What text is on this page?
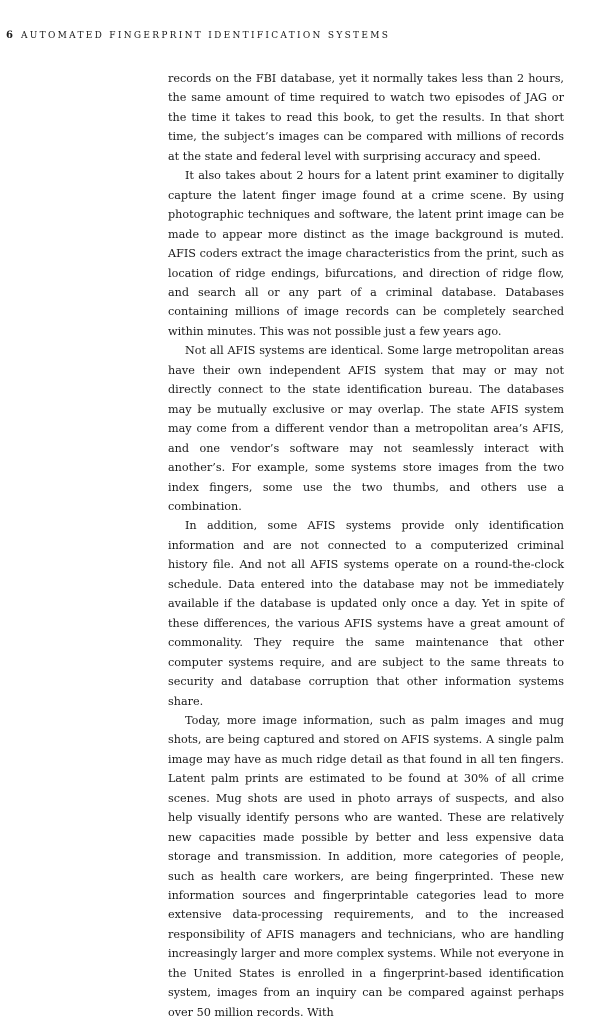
6 AUTOMATED FINGERPRINT IDENTIFICATION SYSTEMS

records on the FBI database, yet it normally takes less than 2 hours, the same amount of time required to watch two episodes of JAG or the time it takes to read this book, to get the results. In that short time, the subject’s images can be compared with millions of records at the state and federal level with surprising accuracy and speed.

It also takes about 2 hours for a latent print examiner to digitally capture the latent finger image found at a crime scene. By using photographic techniques and software, the latent print image can be made to appear more distinct as the image background is muted. AFIS coders extract the image characteristics from the print, such as location of ridge endings, bifurcations, and direction of ridge flow, and search all or any part of a criminal database. Databases containing millions of image records can be completely searched within minutes. This was not possible just a few years ago.

Not all AFIS systems are identical. Some large metropolitan areas have their own independent AFIS system that may or may not directly connect to the state identification bureau. The databases may be mutually exclusive or may overlap. The state AFIS system may come from a different vendor than a metropolitan area’s AFIS, and one vendor’s software may not seamlessly interact with another’s. For example, some systems store images from the two index fingers, some use the two thumbs, and others use a combination.

In addition, some AFIS systems provide only identification information and are not connected to a computerized criminal history file. And not all AFIS systems operate on a round-the-clock schedule. Data entered into the database may not be immediately available if the database is updated only once a day. Yet in spite of these differences, the various AFIS systems have a great amount of commonality. They require the same maintenance that other computer systems require, and are subject to the same threats to security and database corruption that other information systems share.

Today, more image information, such as palm images and mug shots, are being captured and stored on AFIS systems. A single palm image may have as much ridge detail as that found in all ten fingers. Latent palm prints are estimated to be found at 30% of all crime scenes. Mug shots are used in photo arrays of suspects, and also help visually identify persons who are wanted. These are relatively new capacities made possible by better and less expensive data storage and transmission. In addition, more categories of people, such as health care workers, are being fingerprinted. These new information sources and fingerprintable categories lead to more extensive data-processing requirements, and to the increased responsibility of AFIS managers and technicians, who are handling increasingly larger and more complex systems. While not everyone in the United States is enrolled in a fingerprint-based identification system, images from an inquiry can be compared against perhaps over 50 million records. With
